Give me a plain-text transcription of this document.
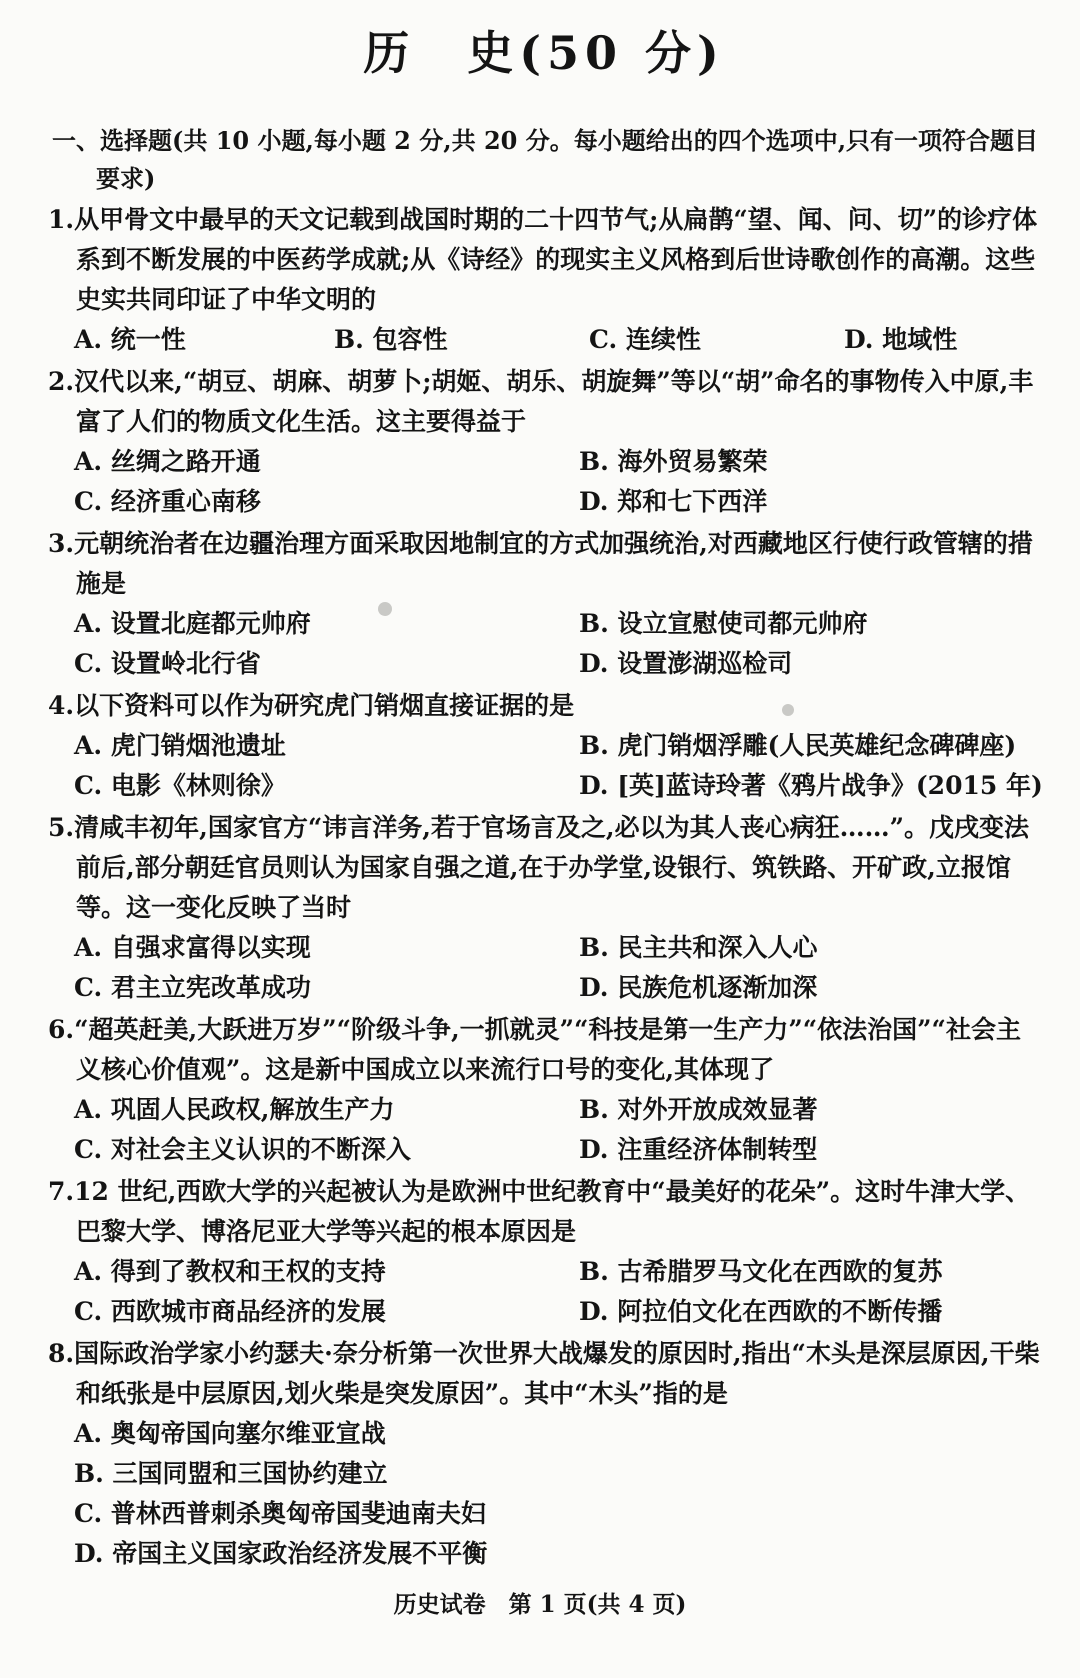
历　史(50 分)
一、选择题(共 10 小题,每小题 2 分,共 20 分。每小题给出的四个选项中,只有一项符合题目
要求)
1.从甲骨文中最早的天文记载到战国时期的二十四节气;从扁鹊“望、闻、问、切”的诊疗体系到不断发展的中医药学成就;从《诗经》的现实主义风格到后世诗歌创作的高潮。这些史实共同印证了中华文明的
A. 统一性	B. 包容性	C. 连续性	D. 地域性
2.汉代以来,“胡豆、胡麻、胡萝卜;胡姬、胡乐、胡旋舞”等以“胡”命名的事物传入中原,丰富了人们的物质文化生活。这主要得益于
A. 丝绸之路开通	B. 海外贸易繁荣
C. 经济重心南移	D. 郑和七下西洋
3.元朝统治者在边疆治理方面采取因地制宜的方式加强统治,对西藏地区行使行政管辖的措施是
A. 设置北庭都元帅府	B. 设立宣慰使司都元帅府
C. 设置岭北行省	D. 设置澎湖巡检司
4.以下资料可以作为研究虎门销烟直接证据的是
A. 虎门销烟池遗址	B. 虎门销烟浮雕(人民英雄纪念碑碑座)
C. 电影《林则徐》	D. [英]蓝诗玲著《鸦片战争》(2015 年)
5.清咸丰初年,国家官方“讳言洋务,若于官场言及之,必以为其人丧心病狂……”。戊戌变法前后,部分朝廷官员则认为国家自强之道,在于办学堂,设银行、筑铁路、开矿政,立报馆等。这一变化反映了当时
A. 自强求富得以实现	B. 民主共和深入人心
C. 君主立宪改革成功	D. 民族危机逐渐加深
6.“超英赶美,大跃进万岁”“阶级斗争,一抓就灵”“科技是第一生产力”“依法治国”“社会主义核心价值观”。这是新中国成立以来流行口号的变化,其体现了
A. 巩固人民政权,解放生产力	B. 对外开放成效显著
C. 对社会主义认识的不断深入	D. 注重经济体制转型
7.12 世纪,西欧大学的兴起被认为是欧洲中世纪教育中“最美好的花朵”。这时牛津大学、巴黎大学、博洛尼亚大学等兴起的根本原因是
A. 得到了教权和王权的支持	B. 古希腊罗马文化在西欧的复苏
C. 西欧城市商品经济的发展	D. 阿拉伯文化在西欧的不断传播
8.国际政治学家小约瑟夫·奈分析第一次世界大战爆发的原因时,指出“木头是深层原因,干柴和纸张是中层原因,划火柴是突发原因”。其中“木头”指的是
A. 奥匈帝国向塞尔维亚宣战
B. 三国同盟和三国协约建立
C. 普林西普刺杀奥匈帝国斐迪南夫妇
D. 帝国主义国家政治经济发展不平衡
历史试卷　第 1 页(共 4 页)
